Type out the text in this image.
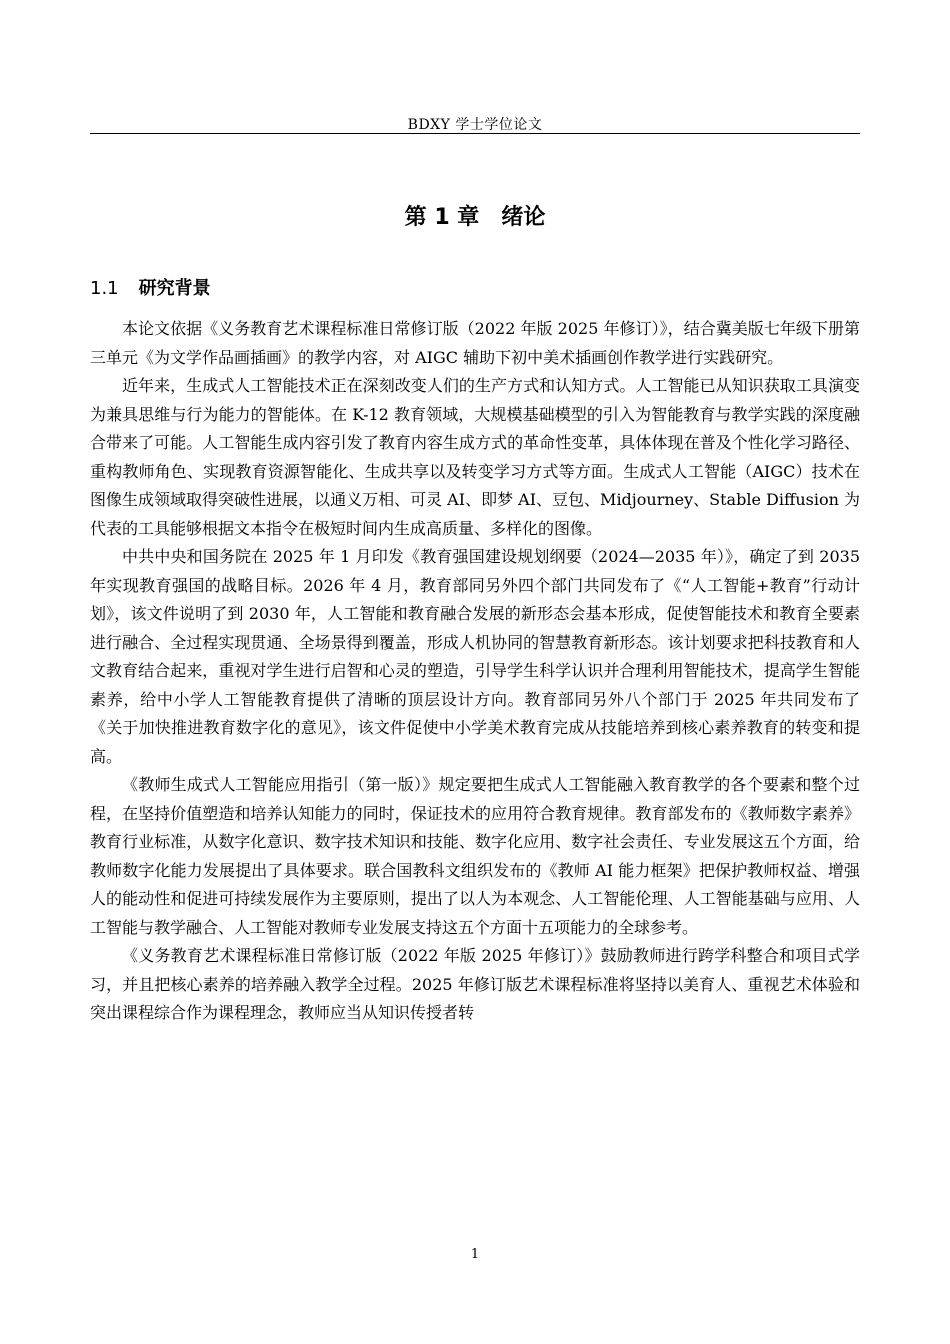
BDXY 学士学位论文
第 1 章 绪论
1.1 研究背景

本论文依据《义务教育艺术课程标准日常修订版（2022 年版 2025 年修订）》，结合冀美版七年级下册第三单元《为文学作品画插画》的教学内容，对 AIGC 辅助下初中美术插画创作教学进行实践研究。

近年来，生成式人工智能技术正在深刻改变人们的生产方式和认知方式。人工智能已从知识获取工具演变为兼具思维与行为能力的智能体。在 K-12 教育领域，大规模基础模型的引入为智能教育与教学实践的深度融合带来了可能。人工智能生成内容引发了教育内容生成方式的革命性变革，具体体现在普及个性化学习路径、重构教师角色、实现教育资源智能化、生成共享以及转变学习方式等方面。生成式人工智能（AIGC）技术在图像生成领域取得突破性进展，以通义万相、可灵 AI、即梦 AI、豆包、Midjourney、Stable Diffusion 为代表的工具能够根据文本指令在极短时间内生成高质量、多样化的图像。

中共中央和国务院在 2025 年 1 月印发《教育强国建设规划纲要（2024—2035 年）》，确定了到 2035 年实现教育强国的战略目标。2026 年 4 月，教育部同另外四个部门共同发布了《“人工智能+教育”行动计划》，该文件说明了到 2030 年，人工智能和教育融合发展的新形态会基本形成，促使智能技术和教育全要素进行融合、全过程实现贯通、全场景得到覆盖，形成人机协同的智慧教育新形态。该计划要求把科技教育和人文教育结合起来，重视对学生进行启智和心灵的塑造，引导学生科学认识并合理利用智能技术，提高学生智能素养，给中小学人工智能教育提供了清晰的顶层设计方向。教育部同另外八个部门于 2025 年共同发布了《关于加快推进教育数字化的意见》，该文件促使中小学美术教育完成从技能培养到核心素养教育的转变和提高。

《教师生成式人工智能应用指引（第一版）》规定要把生成式人工智能融入教育教学的各个要素和整个过程，在坚持价值塑造和培养认知能力的同时，保证技术的应用符合教育规律。教育部发布的《教师数字素养》教育行业标准，从数字化意识、数字技术知识和技能、数字化应用、数字社会责任、专业发展这五个方面，给教师数字化能力发展提出了具体要求。联合国教科文组织发布的《教师 AI 能力框架》把保护教师权益、增强人的能动性和促进可持续发展作为主要原则，提出了以人为本观念、人工智能伦理、人工智能基础与应用、人工智能与教学融合、人工智能对教师专业发展支持这五个方面十五项能力的全球参考。

《义务教育艺术课程标准日常修订版（2022 年版 2025 年修订）》鼓励教师进行跨学科整合和项目式学习，并且把核心素养的培养融入教学全过程。2025 年修订版艺术课程标准将坚持以美育人、重视艺术体验和突出课程综合作为课程理念，教师应当从知识传授者转

1
